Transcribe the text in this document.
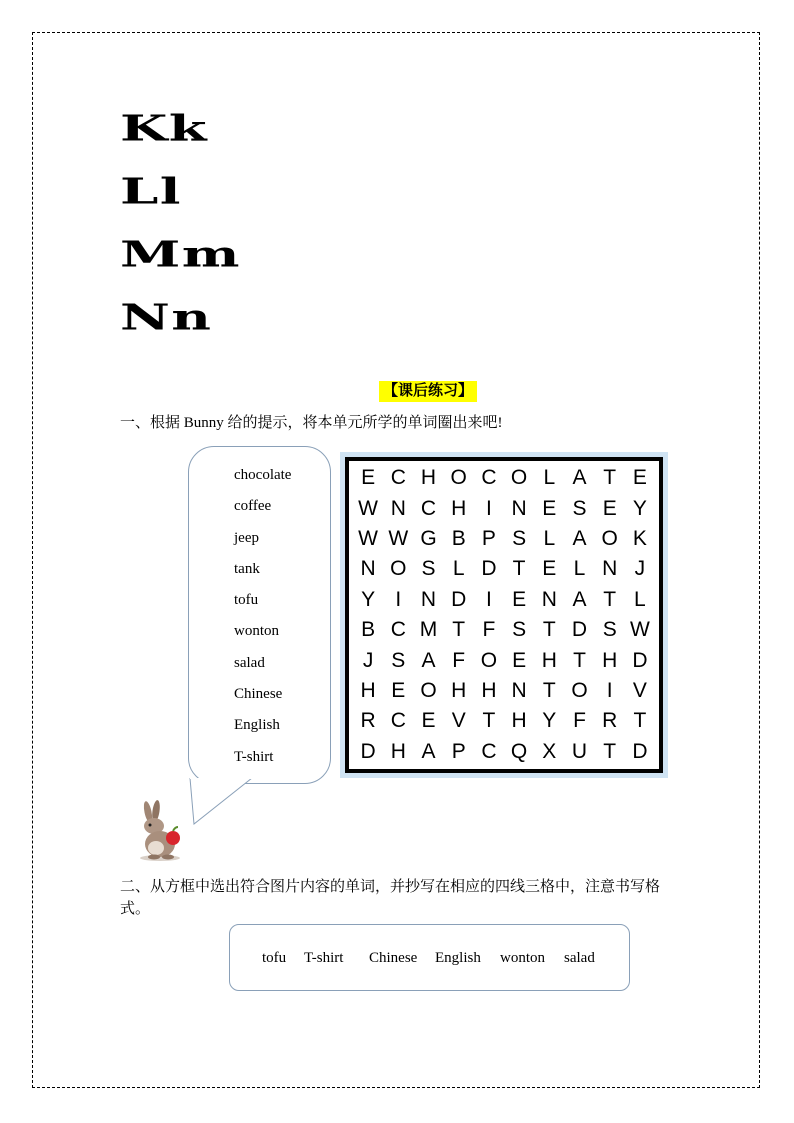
Kk
Ll
Mm
Nn
【课后练习】
一、根据 Bunny 给的提示，将本单元所学的单词圈出来吧!
chocolate
coffee
jeep
tank
tofu
wonton
salad
Chinese
English
T-shirt
E C H O C O L A T E
W N C H I N E S E Y
W W G B P S L A O K
N O S L D T E L N J
Y I N D I E N A T L
B C M T F S T D S W
J S A F O E H T H D
H E O H H N T O I V
R C E V T H Y F R T
D H A P C Q X U T D
二、从方框中选出符合图片内容的单词，并抄写在相应的四线三格中，注意书写格式。
tofu T-shirt Chinese English wonton salad
